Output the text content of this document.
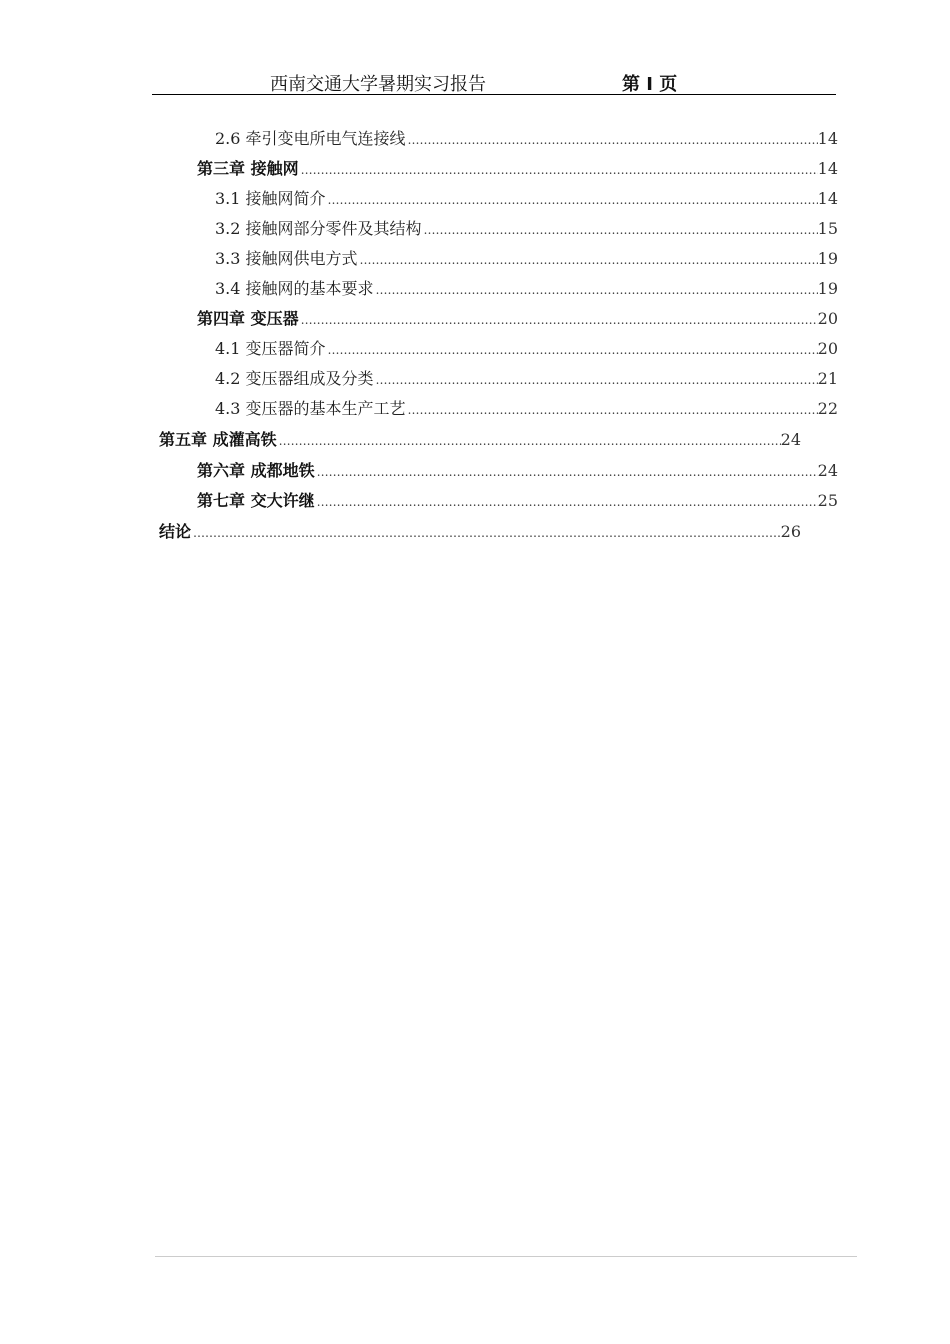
西南交通大学暑期实习报告	第 I 页
2.6 牵引变电所电气连接线 …………………………………………………………………………………………………………………………………………………………………………………	14
第三章 接触网 …………………………………………………………………………………………………………………………………………………………………………………	14
3.1 接触网简介 …………………………………………………………………………………………………………………………………………………………………………………	14
3.2 接触网部分零件及其结构 …………………………………………………………………………………………………………………………………………………………………………………	15
3.3 接触网供电方式 …………………………………………………………………………………………………………………………………………………………………………………	19
3.4 接触网的基本要求 …………………………………………………………………………………………………………………………………………………………………………………	19
第四章 变压器 …………………………………………………………………………………………………………………………………………………………………………………	20
4.1 变压器简介 …………………………………………………………………………………………………………………………………………………………………………………	20
4.2 变压器组成及分类 …………………………………………………………………………………………………………………………………………………………………………………	21
4.3 变压器的基本生产工艺 …………………………………………………………………………………………………………………………………………………………………………………	22
第五章 成灌高铁 …………………………………………………………………………………………………………………………………………………………………………………	24
第六章 成都地铁 …………………………………………………………………………………………………………………………………………………………………………………	24
第七章 交大许继 …………………………………………………………………………………………………………………………………………………………………………………	25
结论 …………………………………………………………………………………………………………………………………………………………………………………	26
